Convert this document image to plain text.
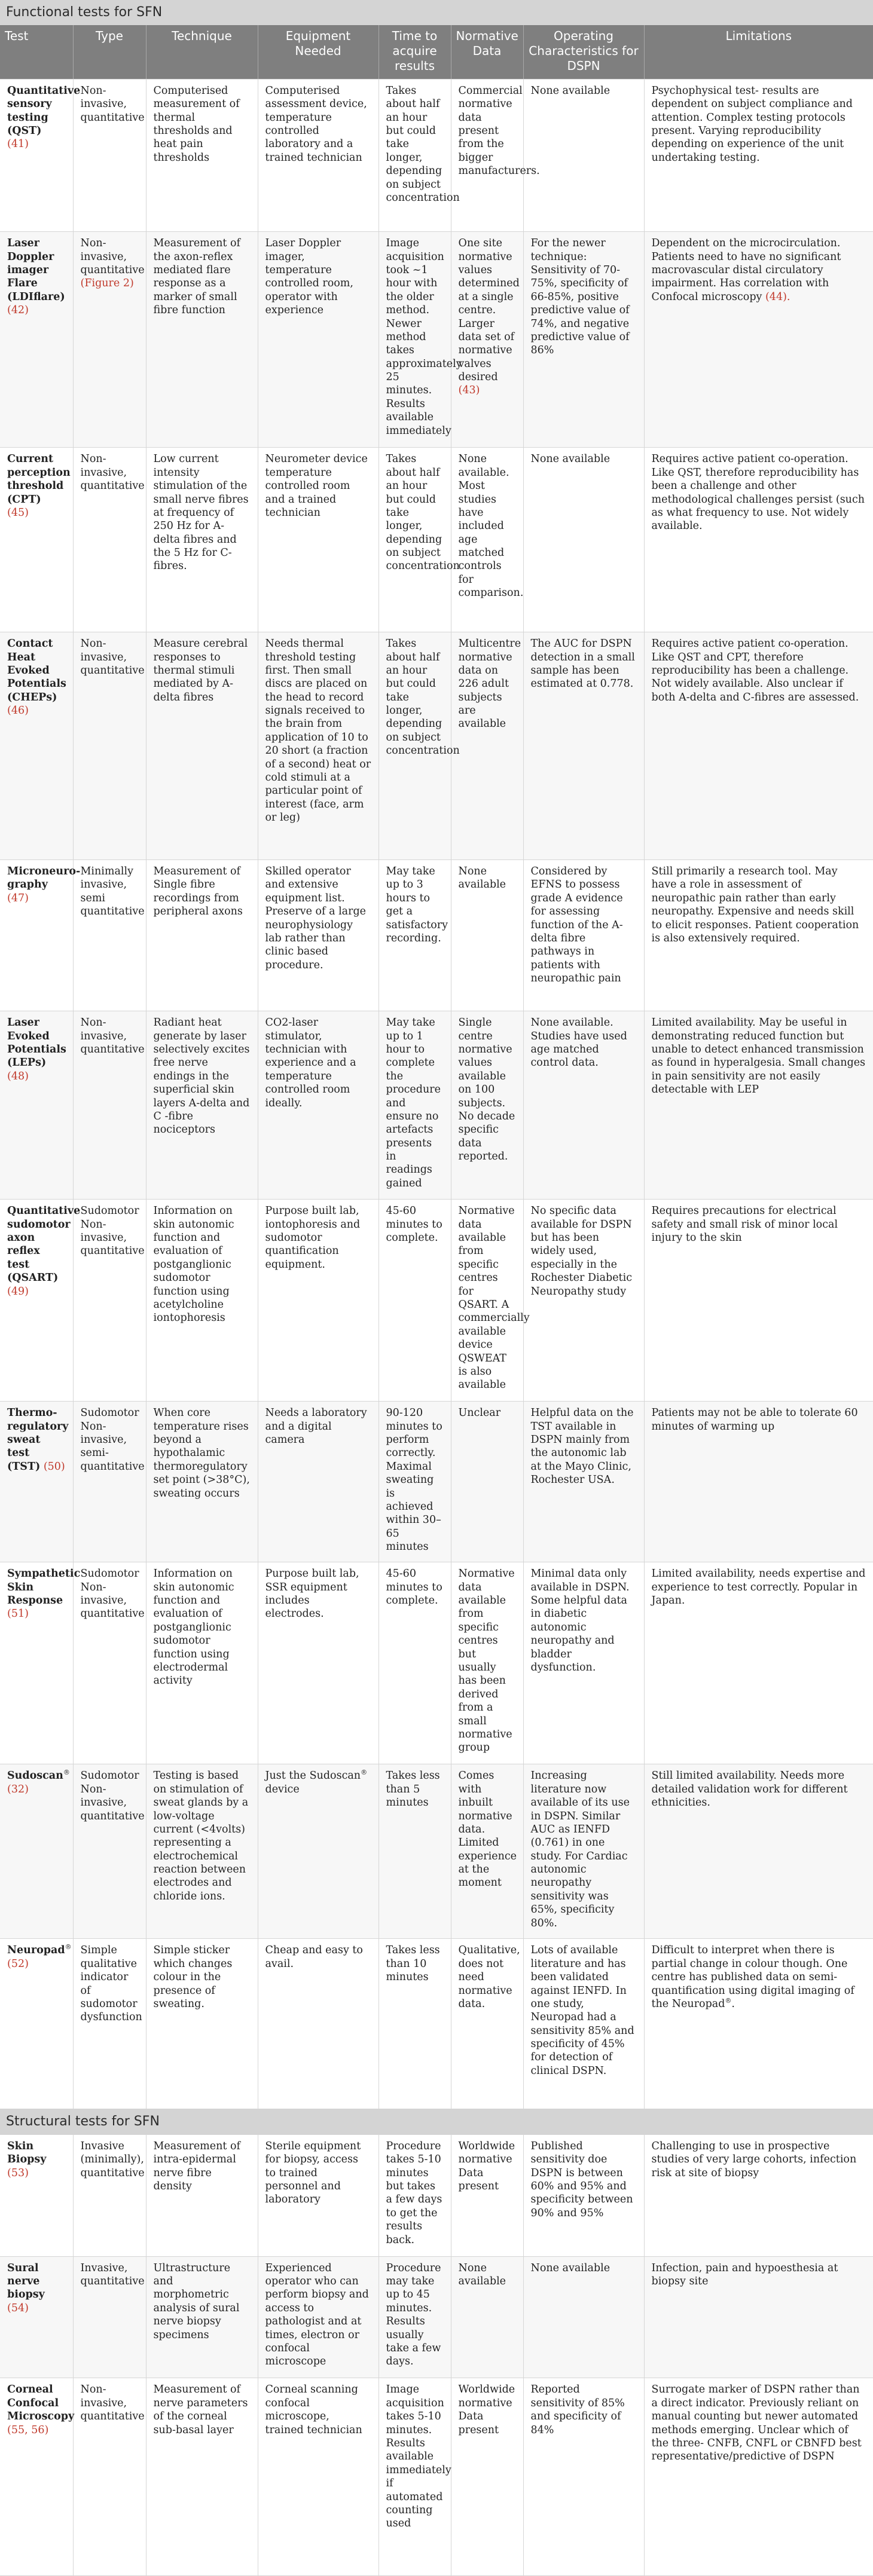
Functional tests for SFN							
Test	Type	Technique	Equipment Needed	Time to acquire results	Normative Data	Operating Characteristics for DSPN	Limitations
Quantitative sensory testing (QST) (41)	Non-invasive, quantitative	Computerised measurement of thermal thresholds and heat pain thresholds	Computerised assessment device, temperature controlled laboratory and a trained technician	Takes about half an hour but could take longer, depending on subject concentration	Commercial normative data present from the bigger manufacturers.	None available	Psychophysical test- results are dependent on subject compliance and attention. Complex testing protocols present. Varying reproducibility depending on experience of the unit undertaking testing.
Laser Doppler imager Flare (LDIflare) (42)	Non-invasive, quantitative (Figure 2)	Measurement of the axon-reflex mediated flare response as a marker of small fibre function	Laser Doppler imager, temperature controlled room, operator with experience	Image acquisition took ~1 hour with the older method. Newer method takes approximately 25 minutes. Results available immediately	One site normative values determined at a single centre. Larger data set of normative valves desired (43)	For the newer technique: Sensitivity of 70-75%, specificity of 66-85%, positive predictive value of 74%, and negative predictive value of 86%	Dependent on the microcirculation. Patients need to have no significant macrovascular distal circulatory impairment. Has correlation with Confocal microscopy (44).
Current perception threshold (CPT) (45)	Non-invasive, quantitative	Low current intensity stimulation of the small nerve fibres at frequency of 250 Hz for A-delta fibres and the 5 Hz for C-fibres.	Neurometer device temperature controlled room and a trained technician	Takes about half an hour but could take longer, depending on subject concentration	None available. Most studies have included age matched controls for comparison.	None available	Requires active patient co-operation. Like QST, therefore reproducibility has been a challenge and other methodological challenges persist (such as what frequency to use. Not widely available.
Contact Heat Evoked Potentials (CHEPs) (46)	Non-invasive, quantitative	Measure cerebral responses to thermal stimuli mediated by A-delta fibres	Needs thermal threshold testing first. Then small discs are placed on the head to record signals received to the brain from application of 10 to 20 short (a fraction of a second) heat or cold stimuli at a particular point of interest (face, arm or leg)	Takes about half an hour but could take longer, depending on subject concentration	Multicentre normative data on 226 adult subjects are available	The AUC for DSPN detection in a small sample has been estimated at 0.778.	Requires active patient co-operation. Like QST and CPT, therefore reproducibility has been a challenge. Not widely available. Also unclear if both A-delta and C-fibres are assessed.
Microneuro-graphy (47)	Minimally invasive, semi quantitative	Measurement of Single fibre recordings from peripheral axons	Skilled operator and extensive equipment list. Preserve of a large neurophysiology lab rather than clinic based procedure.	May take up to 3 hours to get a satisfactory recording.	None available	Considered by EFNS to possess grade A evidence for assessing function of the A-delta fibre pathways in patients with neuropathic pain	Still primarily a research tool. May have a role in assessment of neuropathic pain rather than early neuropathy. Expensive and needs skill to elicit responses. Patient cooperation is also extensively required.
Laser Evoked Potentials (LEPs) (48)	Non-invasive, quantitative	Radiant heat generate by laser selectively excites free nerve endings in the superficial skin layers A-delta and C -fibre nociceptors	CO2-laser stimulator, technician with experience and a temperature controlled room ideally.	May take up to 1 hour to complete the procedure and ensure no artefacts presents in readings gained	Single centre normative values available on 100 subjects. No decade specific data reported.	None available. Studies have used age matched control data.	Limited availability. May be useful in demonstrating reduced function but unable to detect enhanced transmission as found in hyperalgesia. Small changes in pain sensitivity are not easily detectable with LEP
Quantitative sudomotor axon reflex test (QSART) (49)	Sudomotor Non-invasive, quantitative	Information on skin autonomic function and evaluation of postganglionic sudomotor function using acetylcholine iontophoresis	Purpose built lab, iontophoresis and sudomotor quantification equipment.	45-60 minutes to complete.	Normative data available from specific centres for QSART. A commercially available device QSWEAT is also available	No specific data available for DSPN but has been widely used, especially in the Rochester Diabetic Neuropathy study	Requires precautions for electrical safety and small risk of minor local injury to the skin
Thermo-regulatory sweat test (TST) (50)	Sudomotor Non-invasive, semi-quantitative	When core temperature rises beyond a hypothalamic thermoregulatory set point (>38°C), sweating occurs	Needs a laboratory and a digital camera	90-120 minutes to perform correctly. Maximal sweating is achieved within 30–65 minutes	Unclear	Helpful data on the TST available in DSPN mainly from the autonomic lab at the Mayo Clinic, Rochester USA.	Patients may not be able to tolerate 60 minutes of warming up
Sympathetic Skin Response (51)	Sudomotor Non-invasive, quantitative	Information on skin autonomic function and evaluation of postganglionic sudomotor function using electrodermal activity	Purpose built lab, SSR equipment includes electrodes.	45-60 minutes to complete.	Normative data available from specific centres but usually has been derived from a small normative group	Minimal data only available in DSPN. Some helpful data in diabetic autonomic neuropathy and bladder dysfunction.	Limited availability, needs expertise and experience to test correctly. Popular in Japan.
Sudoscan® (32)	Sudomotor Non-invasive, quantitative	Testing is based on stimulation of sweat glands by a low-voltage current (<4volts) representing a electrochemical reaction between electrodes and chloride ions.	Just the Sudoscan® device	Takes less than 5 minutes	Comes with inbuilt normative data. Limited experience at the moment	Increasing literature now available of its use in DSPN. Similar AUC as IENFD (0.761) in one study. For Cardiac autonomic neuropathy sensitivity was 65%, specificity 80%.	Still limited availability. Needs more detailed validation work for different ethnicities.
Neuropad® (52)	Simple qualitative indicator of sudomotor dysfunction	Simple sticker which changes colour in the presence of sweating.	Cheap and easy to avail.	Takes less than 10 minutes	Qualitative, does not need normative data.	Lots of available literature and has been validated against IENFD. In one study, Neuropad had a sensitivity 85% and specificity of 45% for detection of clinical DSPN.	Difficult to interpret when there is partial change in colour though. One centre has published data on semi-quantification using digital imaging of the Neuropad®.
Structural tests for SFN							
Skin Biopsy (53)	Invasive (minimally), quantitative	Measurement of intra-epidermal nerve fibre density	Sterile equipment for biopsy, access to trained personnel and laboratory	Procedure takes 5-10 minutes but takes a few days to get the results back.	Worldwide normative Data present	Published sensitivity doe DSPN is between 60% and 95% and specificity between 90% and 95%	Challenging to use in prospective studies of very large cohorts, infection risk at site of biopsy
Sural nerve biopsy (54)	Invasive, quantitative	Ultrastructure and morphometric analysis of sural nerve biopsy specimens	Experienced operator who can perform biopsy and access to pathologist and at times, electron or confocal microscope	Procedure may take up to 45 minutes. Results usually take a few days.	None available	None available	Infection, pain and hypoesthesia at biopsy site
Corneal Confocal Microscopy (55, 56)	Non-invasive, quantitative	Measurement of nerve parameters of the corneal sub-basal layer	Corneal scanning confocal microscope, trained technician	Image acquisition takes 5-10 minutes. Results available immediately if automated counting used	Worldwide normative Data present	Reported sensitivity of 85% and specificity of 84%	Surrogate marker of DSPN rather than a direct indicator. Previously reliant on manual counting but newer automated methods emerging. Unclear which of the three- CNFB, CNFL or CBNFD best representative/predictive of DSPN
